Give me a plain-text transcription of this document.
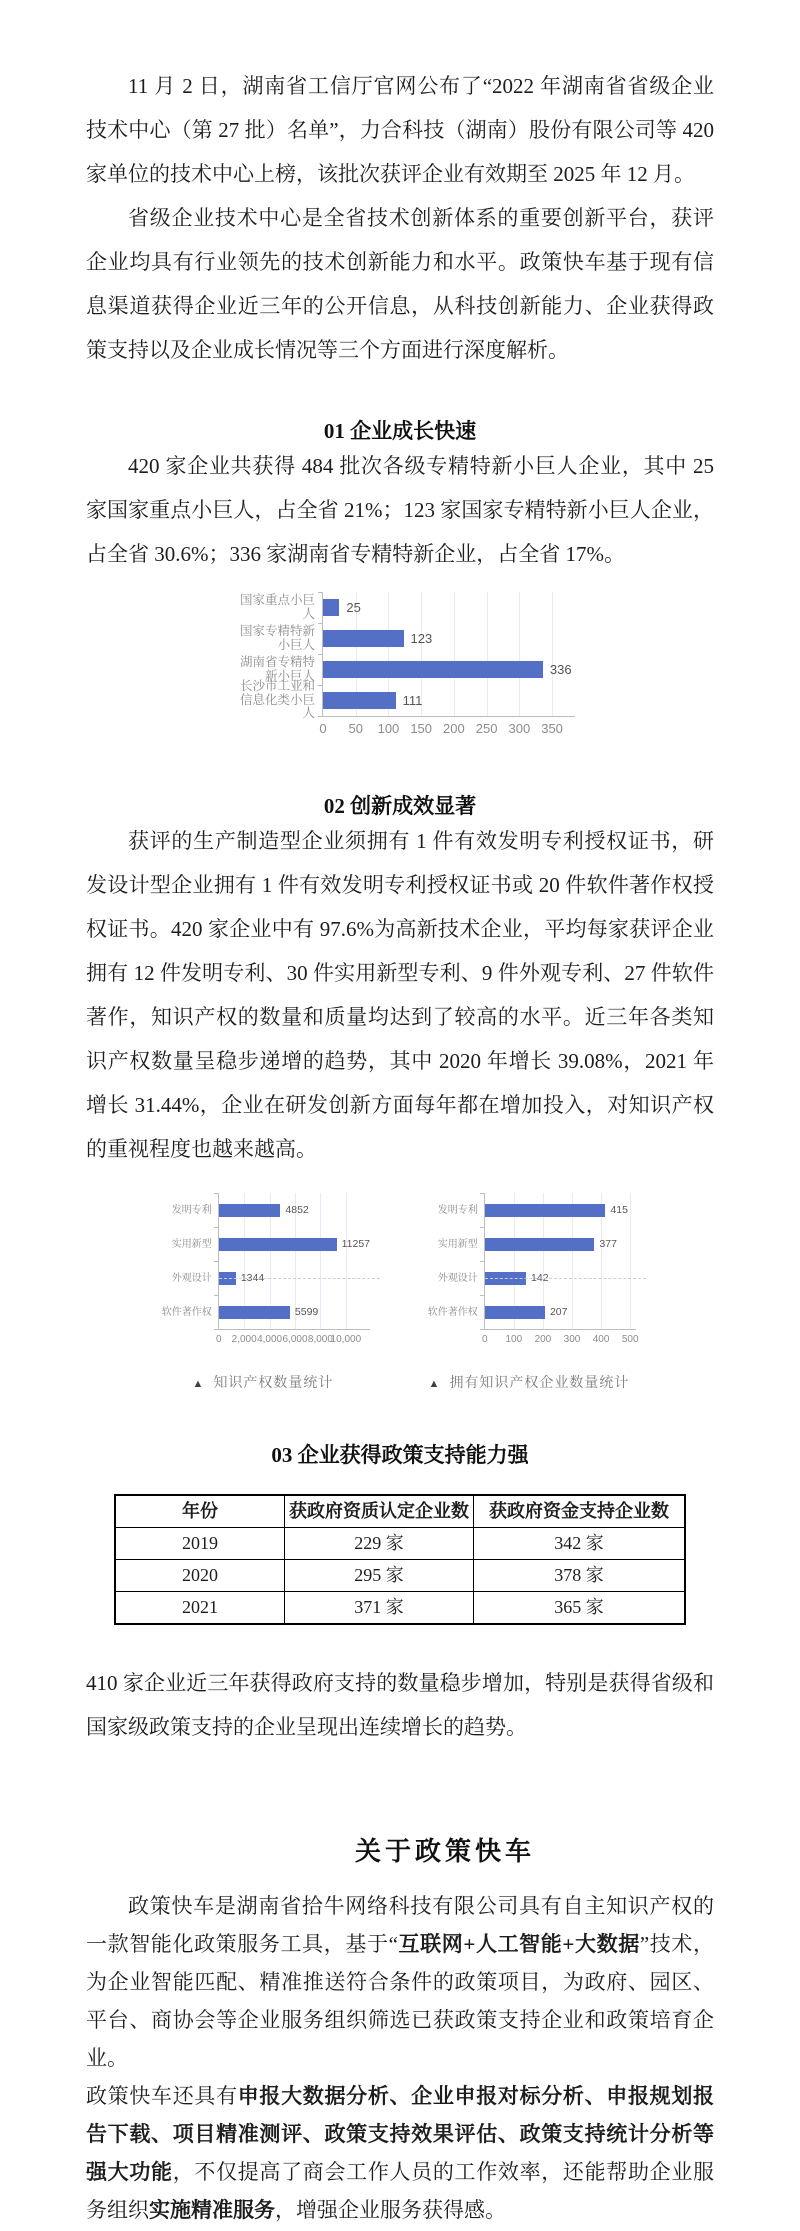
11 月 2 日，湖南省工信厅官网公布了“2022 年湖南省省级企业技术中心（第 27 批）名单”，力合科技（湖南）股份有限公司等 420 家单位的技术中心上榜，该批次获评企业有效期至 2025 年 12 月。

省级企业技术中心是全省技术创新体系的重要创新平台，获评企业均具有行业领先的技术创新能力和水平。政策快车基于现有信息渠道获得企业近三年的公开信息，从科技创新能力、企业获得政策支持以及企业成长情况等三个方面进行深度解析。

01 企业成长快速

420 家企业共获得 484 批次各级专精特新小巨人企业，其中 25 家国家重点小巨人，占全省 21%；123 家国家专精特新小巨人企业，占全省 30.6%；336 家湖南省专精特新企业，占全省 17%。

国家重点小巨人
国家专精特新小巨人
湖南省专精特新小巨人
长沙市工业和信息化类小巨人
25
123
336
111
0 50 100 150 200 250 300 350
02 创新成效显著

获评的生产制造型企业须拥有 1 件有效发明专利授权证书，研发设计型企业拥有 1 件有效发明专利授权证书或 20 件软件著作权授权证书。420 家企业中有 97.6%为高新技术企业，平均每家获评企业拥有 12 件发明专利、30 件实用新型专利、9 件外观专利、27 件软件著作，知识产权的数量和质量均达到了较高的水平。近三年各类知识产权数量呈稳步递增的趋势，其中 2020 年增长 39.08%，2021 年增长 31.44%，企业在研发创新方面每年都在增加投入，对知识产权的重视程度也越来越高。

发明专利
实用新型
外观设计
软件著作权
4852
11257
1344
5599
0 2,000 4,000 6,000 8,000
10,000
▲ 知识产权数量统计
发明专利
实用新型
外观设计
软件著作权
415
377
142
207
0 100 200 300 400 500
▲ 拥有知识产权企业数量统计
03 企业获得政策支持能力强
年份	获政府资质认定企业数	获政府资金支持企业数
2019	229 家	342 家
2020	295 家	378 家
2021	371 家	365 家

410 家企业近三年获得政府支持的数量稳步增加，特别是获得省级和国家级政策支持的企业呈现出连续增长的趋势。

关于政策快车

政策快车是湖南省拾牛网络科技有限公司具有自主知识产权的一款智能化政策服务工具，基于“互联网+人工智能+大数据”技术，为企业智能匹配、精准推送符合条件的政策项目，为政府、园区、平台、商协会等企业服务组织筛选已获政策支持企业和政策培育企业。

政策快车还具有申报大数据分析、企业申报对标分析、申报规划报告下载、项目精准测评、政策支持效果评估、政策支持统计分析等强大功能，不仅提高了商会工作人员的工作效率，还能帮助企业服务组织实施精准服务，增强企业服务获得感。
